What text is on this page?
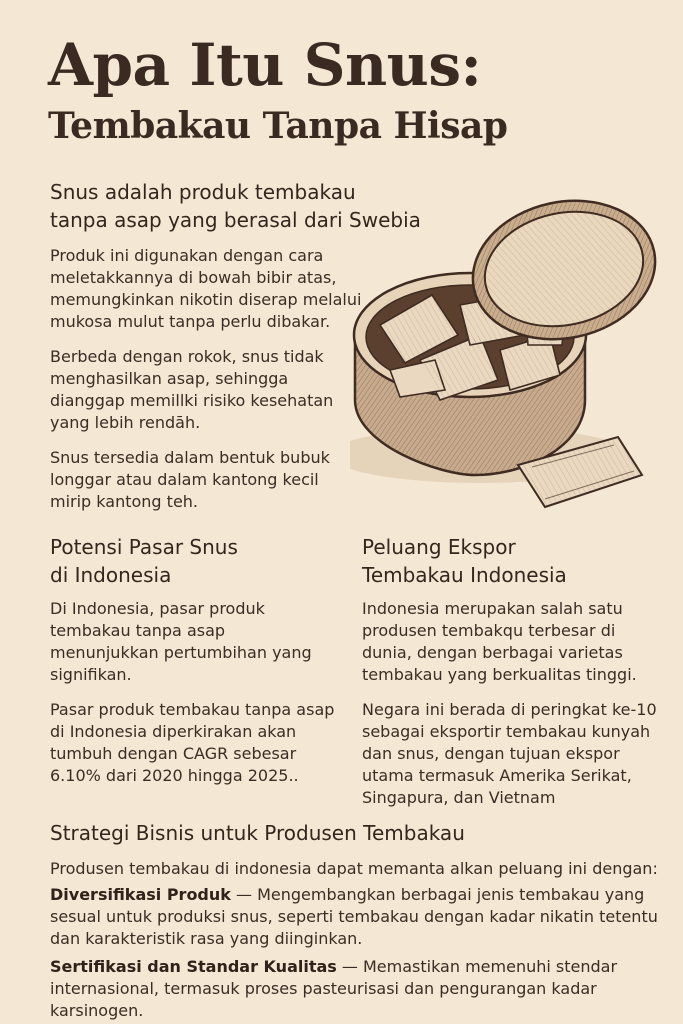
Apa Itu Snus:
Tembakau Tanpa Hisap
Snus adalah produk tembakau
tanpa asap yang berasal dari Swebia
Produk ini digunakan dengan cara
meletakkannya di bowah bibir atas,
memungkinkan nikotin diserap melalui
mukosa mulut tanpa perlu dibakar.
Berbeda dengan rokok, snus tidak
menghasilkan asap, sehingga
dianggap memillki risiko kesehatan
yang lebih rendāh.
Snus tersedia dalam bentuk bubuk
longgar atau dalam kantong kecil
mirip kantong teh.
Potensi Pasar Snus
di Indonesia
Di Indonesia, pasar produk
tembakau tanpa asap
menunjukkan pertumbihan yang
signifikan.
Pasar produk tembakau tanpa asap
di Indonesia diperkirakan akan
tumbuh dengan CAGR sebesar
6.10% dari 2020 hingga 2025..
Peluang Ekspor
Tembakau Indonesia
Indonesia merupakan salah satu
produsen tembakqu terbesar di
dunia, dengan berbagai varietas
tembakau yang berkualitas tinggi.
Negara ini berada di peringkat ke-10
sebagai eksportir tembakau kunyah
dan snus, dengan tujuan ekspor
utama termasuk Amerika Serikat,
Singapura, dan Vietnam
Strategi Bisnis untuk Produsen Tembakau
Produsen tembakau di indonesia dapat memanta alkan peluang ini dengan:
Diversifikasi Produk — Mengembangkan berbagai jenis tembakau yang sesual untuk produksi snus, seperti tembakau dengan kadar nikatin tetentu dan karakteristik rasa yang diinginkan.
Sertifikasi dan Standar Kualitas — Memastikan memenuhi stendar internasional, termasuk proses pasteurisasi dan pengurangan kadar karsinogen.
